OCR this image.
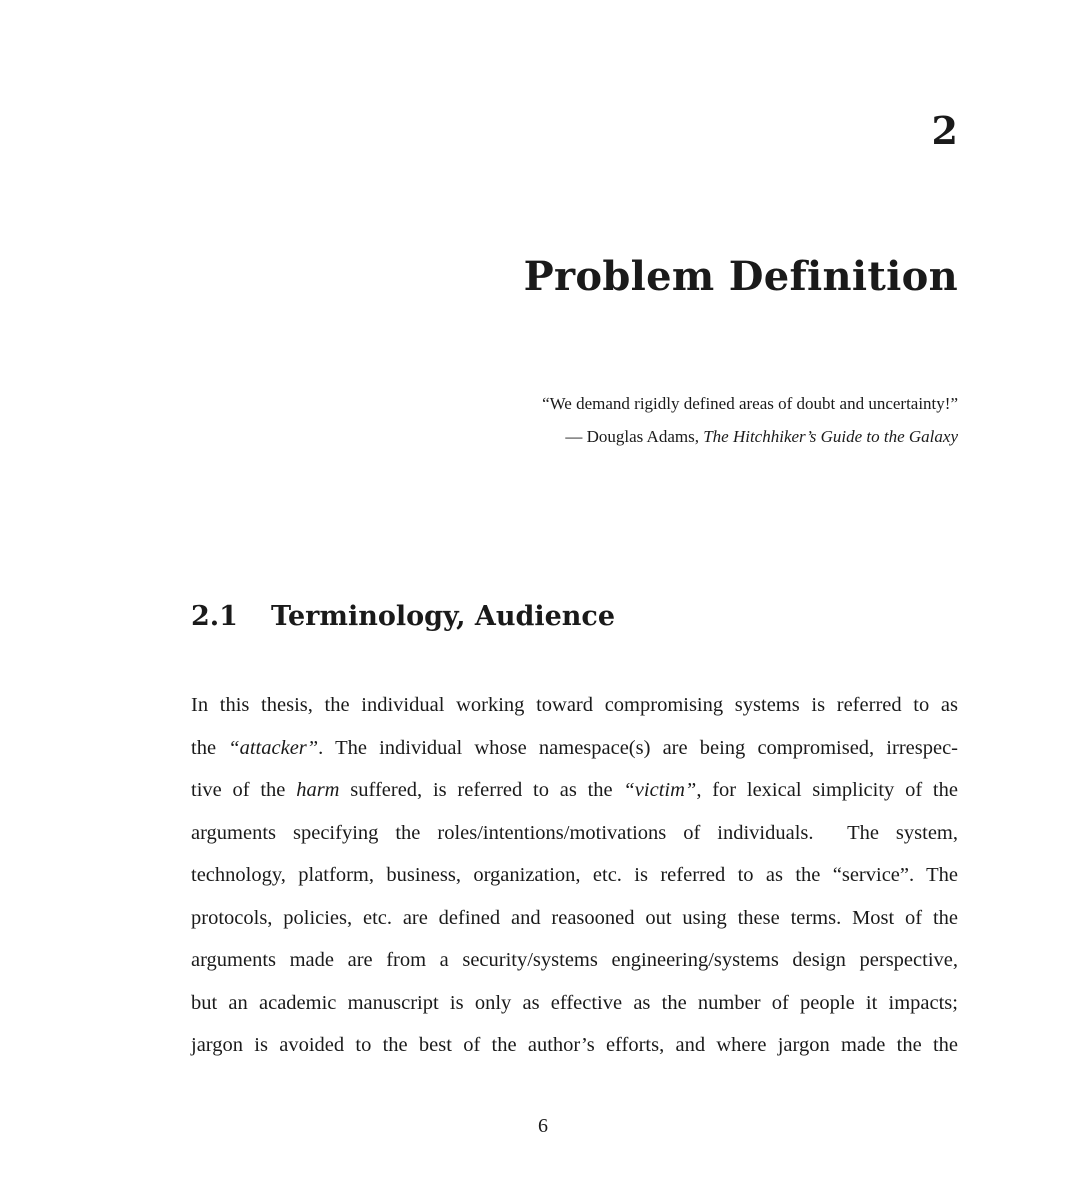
2
Problem Definition

“We demand rigidly defined areas of doubt and uncertainty!”

— Douglas Adams, The Hitchhiker’s Guide to the Galaxy

2.1 Terminology, Audience
In this thesis, the individual working toward compromising systems is referred to as
the “attacker”. The individual whose namespace(s) are being compromised, irrespec-
tive of the harm suffered, is referred to as the “victim”, for lexical simplicity of the
arguments specifying the roles/intentions/motivations of individuals.  The system,
technology, platform, business, organization, etc. is referred to as the “service”. The
protocols, policies, etc. are defined and reasooned out using these terms. Most of the
arguments made are from a security/systems engineering/systems design perspective,
but an academic manuscript is only as effective as the number of people it impacts;
jargon is avoided to the best of the author’s efforts, and where jargon made the the

6
